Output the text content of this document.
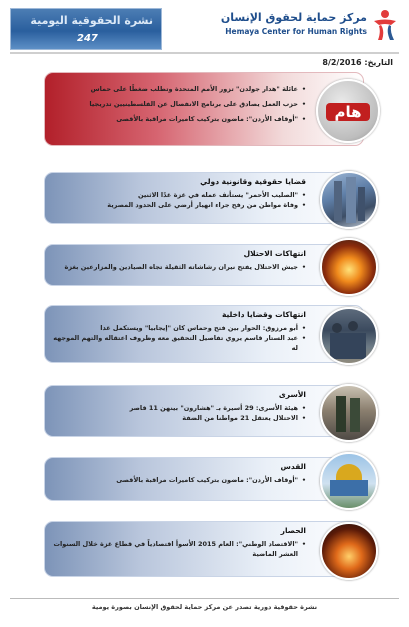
نشرة الحقوقية اليومية
247
مركز حماية لحقوق الإنسان
Hemaya Center for Human Rights
التاريخ: 8/2/2016
• عائلة "هدار جولدن" تزور الأمم المتحدة وتطلب ضغطًا على حماس
• حزب العمل يصادق على برنامج الانفصال عن الفلسطينيين تدريجيا
• "أوقاف الأردن": ماضون بتركيب كاميرات مراقبة بالأقصى	هام
قضايا حقوقية وقانونية دولي
• "الصليب الأحمر" يستأنف عمله في غزة غدًا الاثنين
• وفاة مواطن من رفح جراء انهيار أرضي على الحدود المصرية
انتهاكات الاحتلال
• جيش الاحتلال يفتح نيران رشاشاته الثقيلة تجاه الصيادين والمزارعين بغزة
انتهاكات وقضايا داخلية
• أبو مرزوق: الحوار بين فتح وحماس كان "إيجابيا" ويستكمل غدا
• عبد الستار قاسم يروي تفاصيل التحقيق معه وظروف اعتقاله والتهم الموجهه له
الأسرى
• هيئة الأسرى: 29 أسيرة بـ "هشارون" بينهن 11 قاصر
• الاحتلال يعتقل 21 مواطنا من الضفة
القدس
• "أوقاف الأردن": ماضون بتركيب كاميرات مراقبة بالأقصى
الحصار
• "الاقتصاد الوطني": العام 2015 الأسوأ اقتصادياً في قطاع غزة خلال السنوات العشر الماضية
نشرة حقوقية دورية تصدر عن مركز حماية لحقوق الإنسان بصورة يومية
